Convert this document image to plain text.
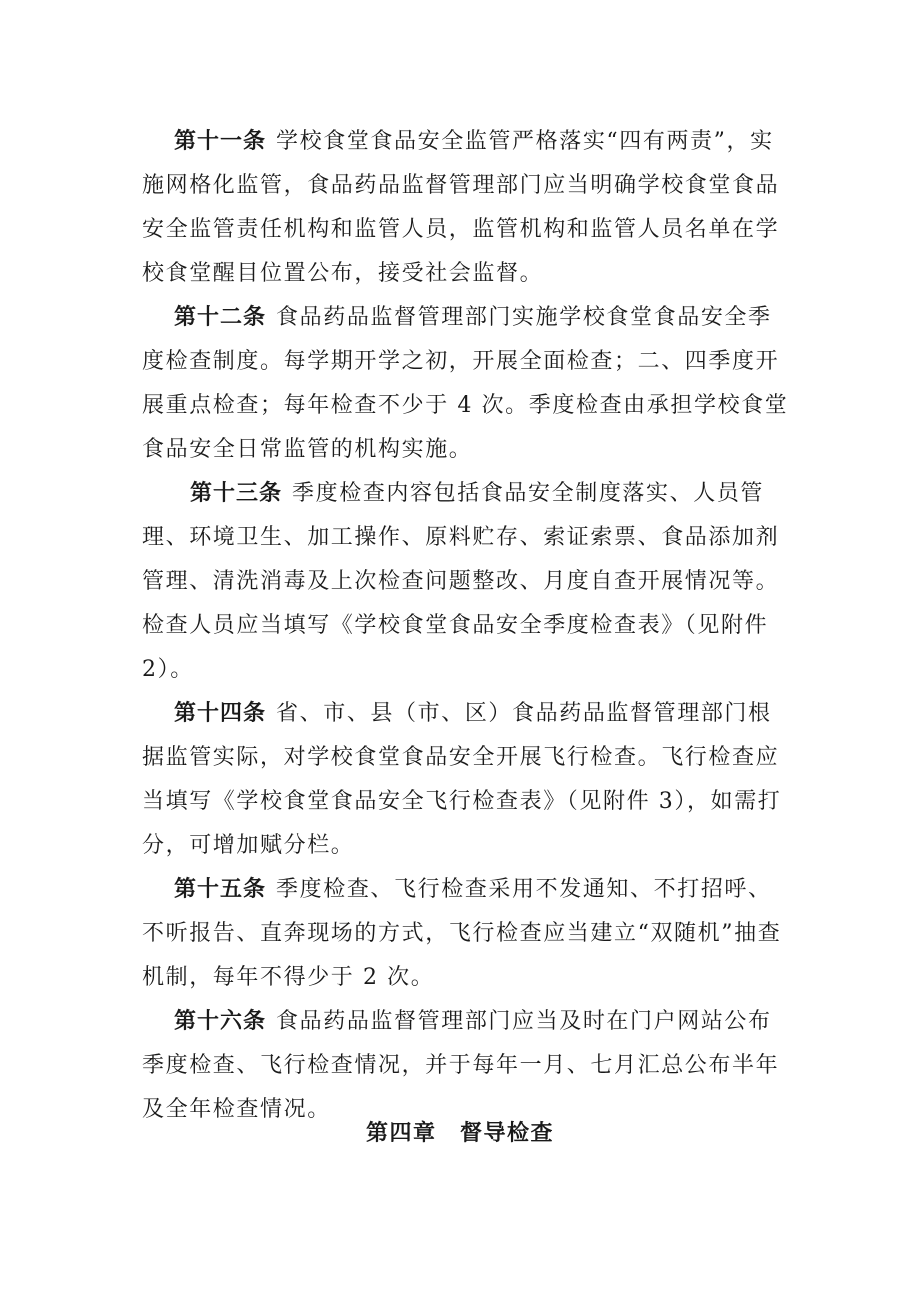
第十一条 学校食堂食品安全监管严格落实“四有两责”，实施网格化监管，食品药品监督管理部门应当明确学校食堂食品安全监管责任机构和监管人员，监管机构和监管人员名单在学校食堂醒目位置公布，接受社会监督。

第十二条 食品药品监督管理部门实施学校食堂食品安全季度检查制度。每学期开学之初，开展全面检查；二、四季度开展重点检查；每年检查不少于 4 次。季度检查由承担学校食堂食品安全日常监管的机构实施。

第十三条 季度检查内容包括食品安全制度落实、人员管理、环境卫生、加工操作、原料贮存、索证索票、食品添加剂管理、清洗消毒及上次检查问题整改、月度自查开展情况等。检查人员应当填写《学校食堂食品安全季度检查表》（见附件 2）。

第十四条 省、市、县（市、区）食品药品监督管理部门根据监管实际，对学校食堂食品安全开展飞行检查。飞行检查应当填写《学校食堂食品安全飞行检查表》（见附件 3），如需打分，可增加赋分栏。

第十五条 季度检查、飞行检查采用不发通知、不打招呼、不听报告、直奔现场的方式，飞行检查应当建立“双随机”抽查机制，每年不得少于 2 次。

第十六条 食品药品监督管理部门应当及时在门户网站公布季度检查、飞行检查情况，并于每年一月、七月汇总公布半年及全年检查情况。

第四章　督导检查
